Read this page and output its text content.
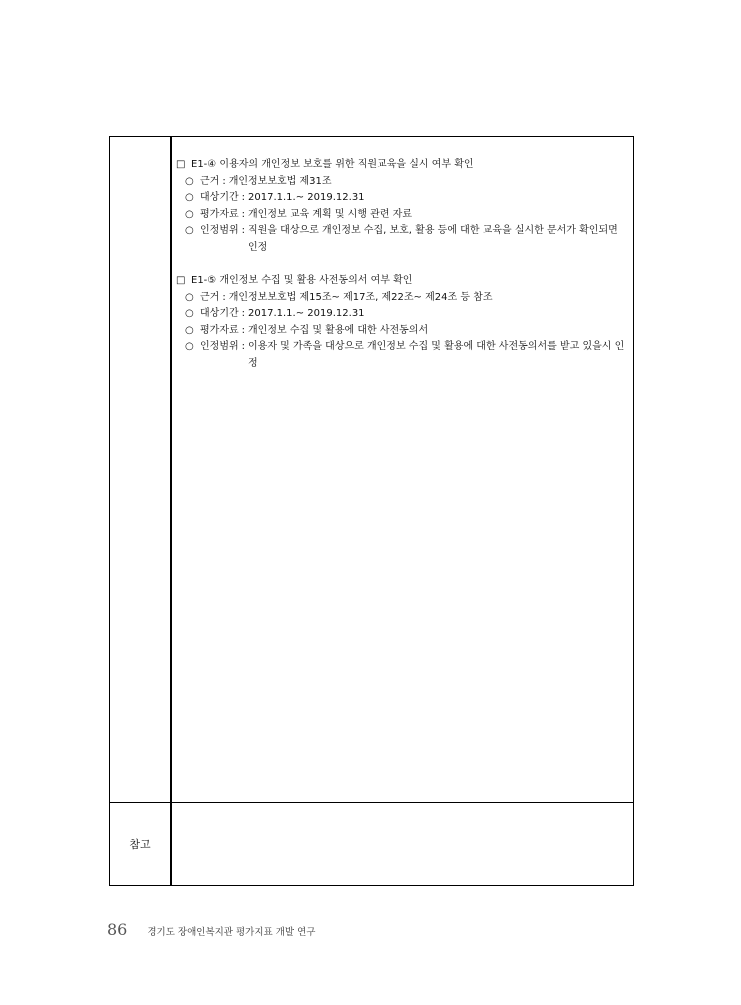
참고
□ E1-④ 이용자의 개인정보 보호를 위한 직원교육을 실시 여부 확인
○ 근거 : 개인정보보호법 제31조
○ 대상기간 : 2017.1.1.~ 2019.12.31
○ 평가자료 : 개인정보 교육 계획 및 시행 관련 자료
○ 인정범위 : 직원을 대상으로 개인정보 수집, 보호, 활용 등에 대한 교육을 실시한 문서가 확인되면 인정
□ E1-⑤ 개인정보 수집 및 활용 사전동의서 여부 확인
○ 근거 : 개인정보보호법 제15조~ 제17조, 제22조~ 제24조 등 참조
○ 대상기간 : 2017.1.1.~ 2019.12.31
○ 평가자료 : 개인정보 수집 및 활용에 대한 사전동의서
○ 인정범위 : 이용자 및 가족을 대상으로 개인정보 수집 및 활용에 대한 사전동의서를 받고 있을시 인정
86 경기도 장애인복지관 평가지표 개발 연구
